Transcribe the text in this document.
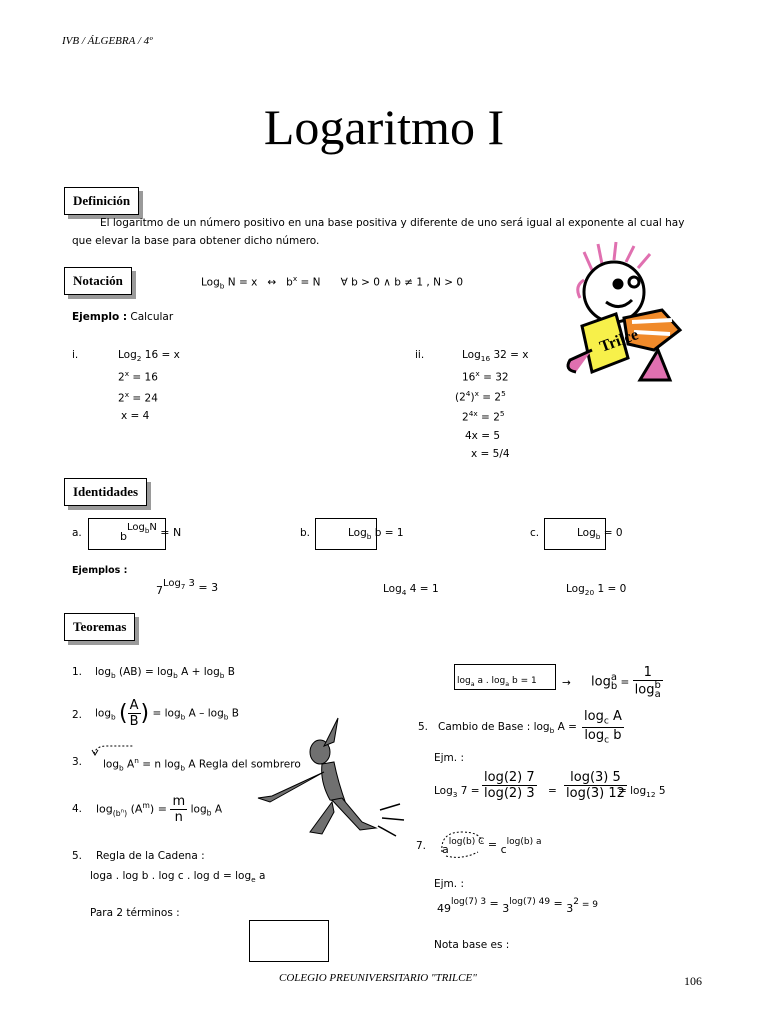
IVB / ÁLGEBRA / 4º
Logaritmo I
Definición
El logaritmo de un número positivo en una base positiva y diferente de uno será igual al exponente al cual hay que elevar la base para obtener dicho número.
Notación	Log$_b$ N = x ↔ $b^x = N$ ∀ b > 0 ∧ b ≠ 1 , N > 0
Ejemplo : Calcular
i.	Log$_2$ 16 = x
$2^x = 16$
$2^x = 24$
x = 4
ii.	Log$_{16}$ 32 = x
$16^x = 32$
$(2^4)^x = 2^5$
$2^{4x} = 2^5$
4x = 5
x = 5/4
Trilce
Identidades
a.	bLog$_b$N = N	b.	Log$_b$ b = 1	c.	Log$_b$ = 0
Ejemplos :
7Log$_7$ 3 = 3	Log$_4$ 4 = 1	Log$_{20}$ 1 = 0
Teoremas
1. $\log_b (AB) = \log_b A + \log_b B$
2. $\log_b$ ( $\frac{A}{B}$ ) = $\log_b A - \log_b B$
3. $\log_b A^n = n$ $\log_b A$ Regla del sombrero
4. $\log_{(b^n)} (A^m) = \frac{m}{n} \log_b A$
5. Regla de la Cadena :
loga . log b . log c . $\log d = \log_e a$
Para 2 términos :
$\log_a a$ . $\log_a b = 1 \to \log a$
b = 1
log b
a
5. Cambio de Base : $\log_b A = \frac{\log_c A}{\log_c b}$
Ejm. :
Log$_3$ $7 = \frac{\log(2) 7}{\log(2) 3} = \frac{\log(3) 5}{\log(3) 12}$
= $\log_{12} 5$
7. $a^{log(b) C} = c^{log(b) a}$
Ejm. :
$49^{log(7) 3} = 3^{log(7) 49} = 3^2 = 9$
Nota base es :
COLEGIO PREUNIVERSITARIO "TRILCE"	106
